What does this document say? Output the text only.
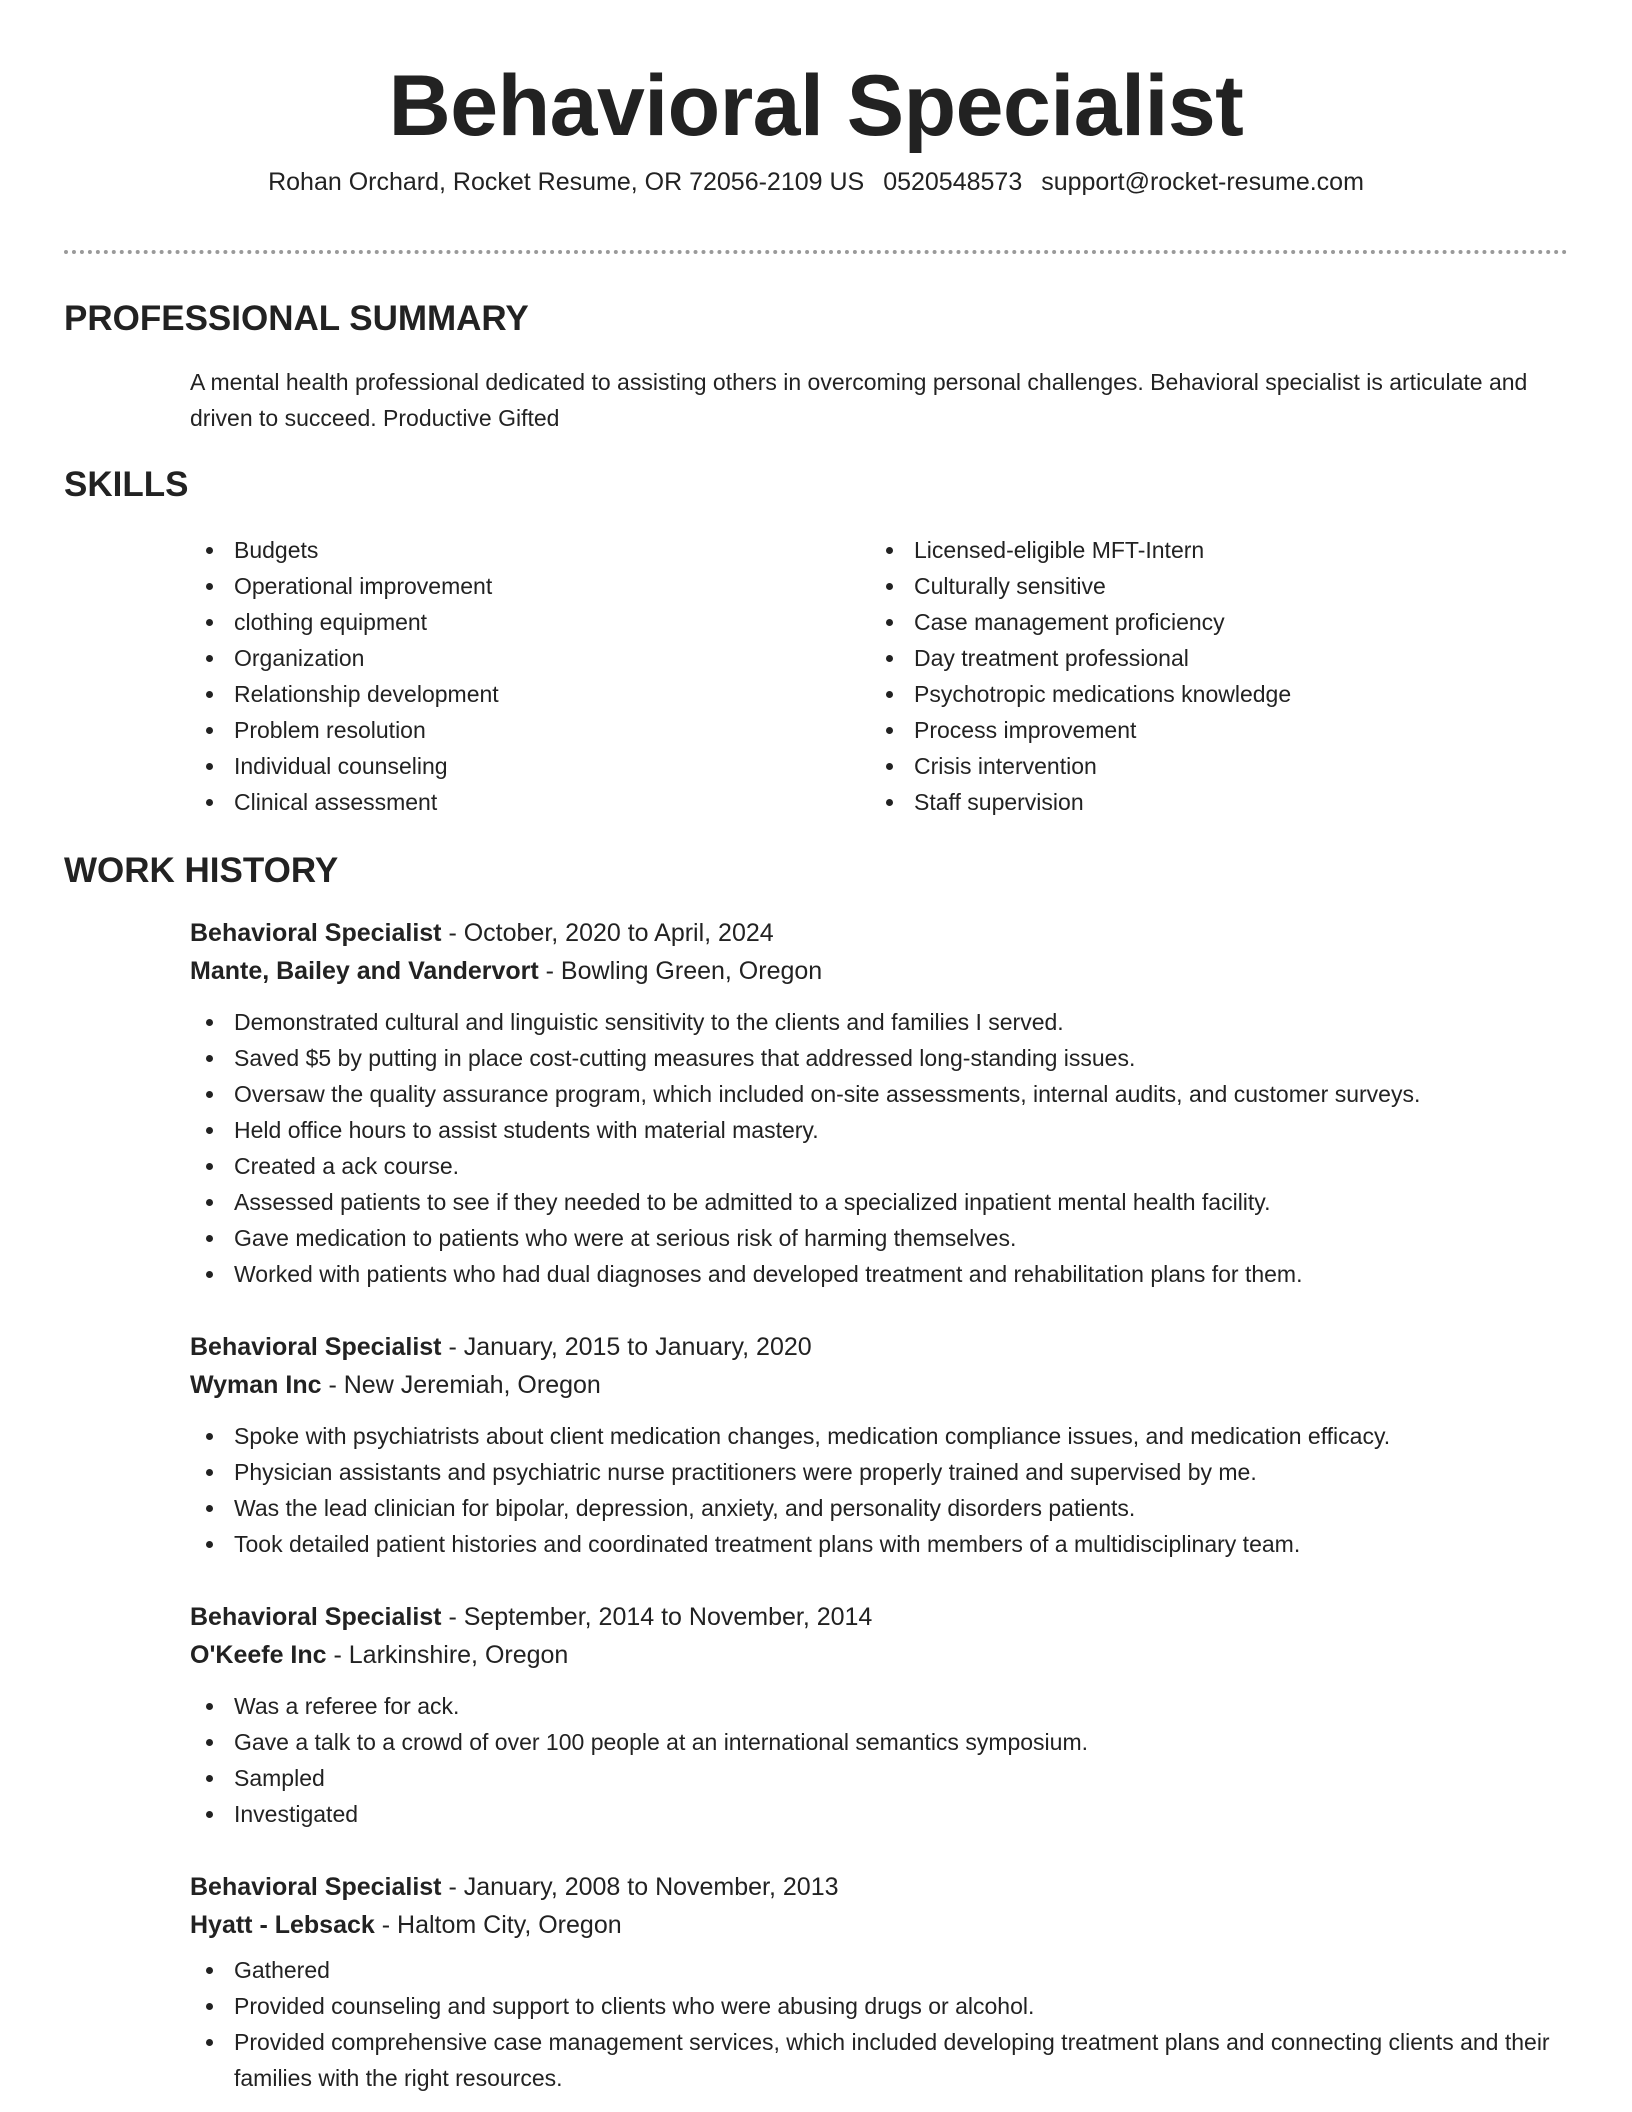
Behavioral Specialist

Rohan Orchard, Rocket Resume, OR 72056-2109 US 0520548573 support@rocket-resume.com

PROFESSIONAL SUMMARY

A mental health professional dedicated to assisting others in overcoming personal challenges. Behavioral specialist is articulate and driven to succeed. Productive Gifted

SKILLS
Budgets
Operational improvement
clothing equipment
Organization
Relationship development
Problem resolution
Individual counseling
Clinical assessment
Licensed-eligible MFT-Intern
Culturally sensitive
Case management proficiency
Day treatment professional
Psychotropic medications knowledge
Process improvement
Crisis intervention
Staff supervision
WORK HISTORY

Behavioral Specialist - October, 2020 to April, 2024

Mante, Bailey and Vandervort - Bowling Green, Oregon

Demonstrated cultural and linguistic sensitivity to the clients and families I served.
Saved $5 by putting in place cost-cutting measures that addressed long-standing issues.
Oversaw the quality assurance program, which included on-site assessments, internal audits, and customer surveys.
Held office hours to assist students with material mastery.
Created a ack course.
Assessed patients to see if they needed to be admitted to a specialized inpatient mental health facility.
Gave medication to patients who were at serious risk of harming themselves.
Worked with patients who had dual diagnoses and developed treatment and rehabilitation plans for them.

Behavioral Specialist - January, 2015 to January, 2020

Wyman Inc - New Jeremiah, Oregon

Spoke with psychiatrists about client medication changes, medication compliance issues, and medication efficacy.
Physician assistants and psychiatric nurse practitioners were properly trained and supervised by me.
Was the lead clinician for bipolar, depression, anxiety, and personality disorders patients.
Took detailed patient histories and coordinated treatment plans with members of a multidisciplinary team.

Behavioral Specialist - September, 2014 to November, 2014

O'Keefe Inc - Larkinshire, Oregon

Was a referee for ack.
Gave a talk to a crowd of over 100 people at an international semantics symposium.
Sampled
Investigated

Behavioral Specialist - January, 2008 to November, 2013

Hyatt - Lebsack - Haltom City, Oregon

Gathered
Provided counseling and support to clients who were abusing drugs or alcohol.
Provided comprehensive case management services, which included developing treatment plans and connecting clients and their families with the right resources.
